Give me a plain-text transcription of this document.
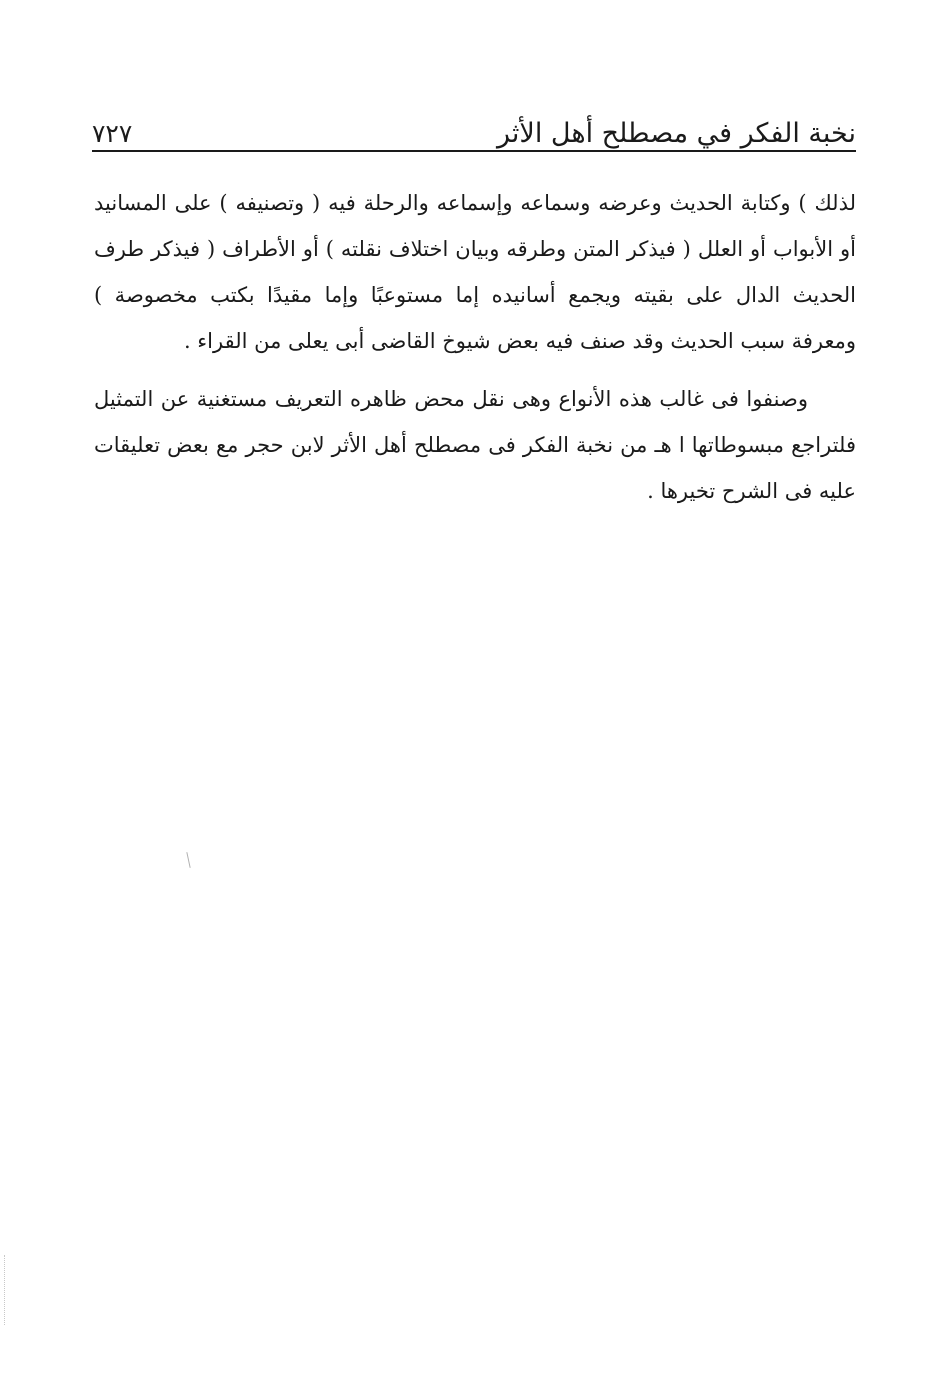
نخبة الفكر في مصطلح أهل الأثر
٧٢٧

لذلك ) وكتابة الحديث وعرضه وسماعه وإسماعه والرحلة فيه ( وتصنيفه ) على المسانيد أو الأبواب أو العلل ( فيذكر المتن وطرقه وبيان اختلاف نقلته ) أو الأطراف ( فيذكر طرف الحديث الدال على بقيته ويجمع أسانيده إما مستوعبًا وإما مقيدًا بكتب مخصوصة ) ومعرفة سبب الحديث وقد صنف فيه بعض شيوخ القاضى أبى يعلى من القراء .

وصنفوا فى غالب هذه الأنواع وهى نقل محض ظاهره التعريف مستغنية عن التمثيل فلتراجع مبسوطاتها ا هـ من نخبة الفكر فى مصطلح أهل الأثر لابن حجر مع بعض تعليقات عليه فى الشرح تخيرها .
